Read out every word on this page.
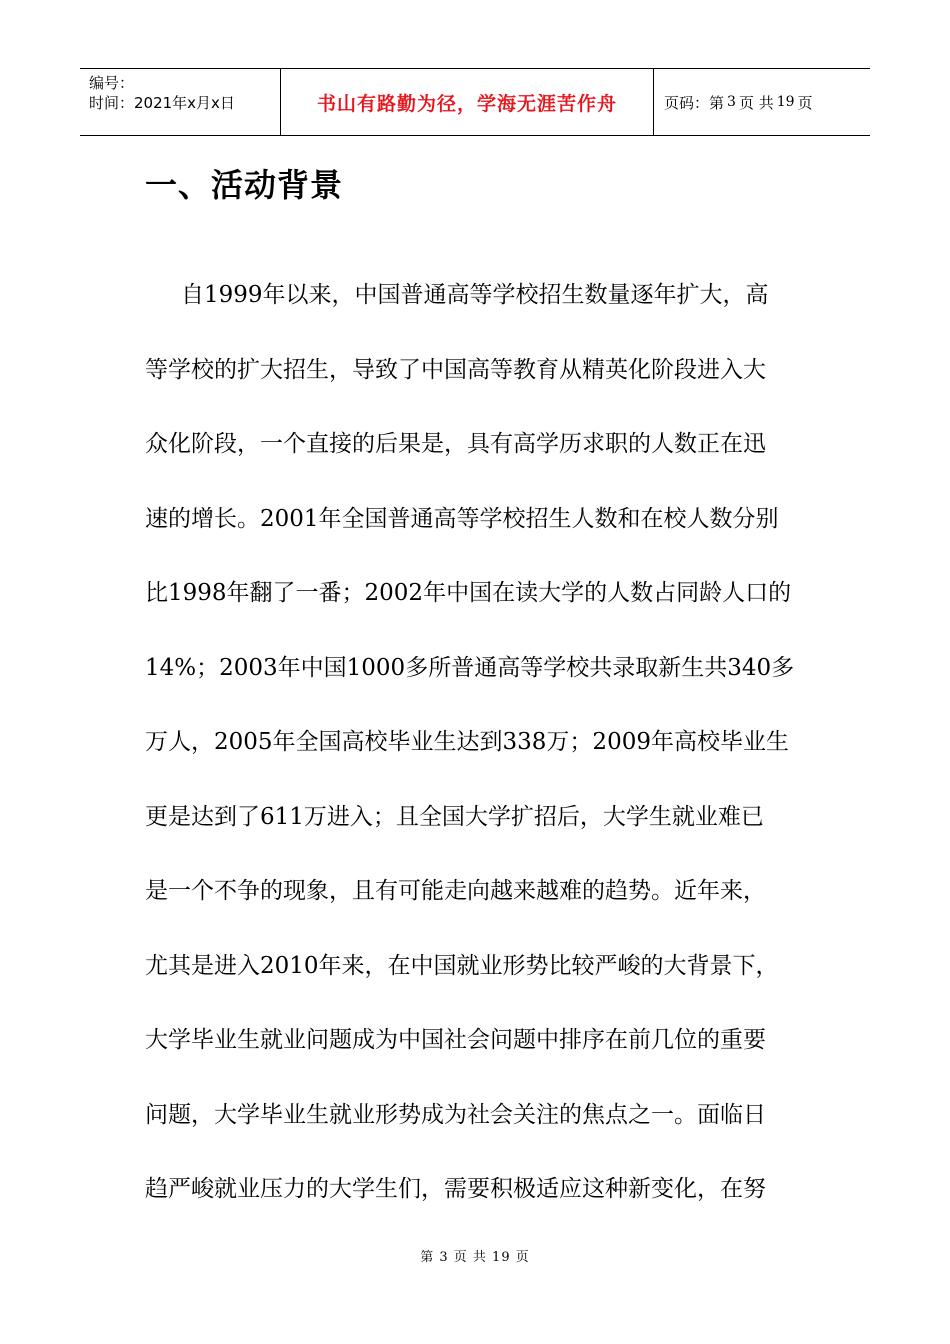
编号：
时间：2021年x月x日	书山有路勤为径，学海无涯苦作舟	页码：第 3 页 共 19 页
一、活动背景
自1999年以来，中国普通高等学校招生数量逐年扩大，高
等学校的扩大招生，导致了中国高等教育从精英化阶段进入大
众化阶段，一个直接的后果是，具有高学历求职的人数正在迅
速的增长。2001年全国普通高等学校招生人数和在校人数分别
比1998年翻了一番；2002年中国在读大学的人数占同龄人口的
14%；2003年中国1000多所普通高等学校共录取新生共340多
万人，2005年全国高校毕业生达到338万；2009年高校毕业生
更是达到了611万进入；且全国大学扩招后，大学生就业难已
是一个不争的现象，且有可能走向越来越难的趋势。近年来，
尤其是进入2010年来，在中国就业形势比较严峻的大背景下，
大学毕业生就业问题成为中国社会问题中排序在前几位的重要
问题，大学毕业生就业形势成为社会关注的焦点之一。面临日
趋严峻就业压力的大学生们，需要积极适应这种新变化，在努
第 3 页 共 19 页
